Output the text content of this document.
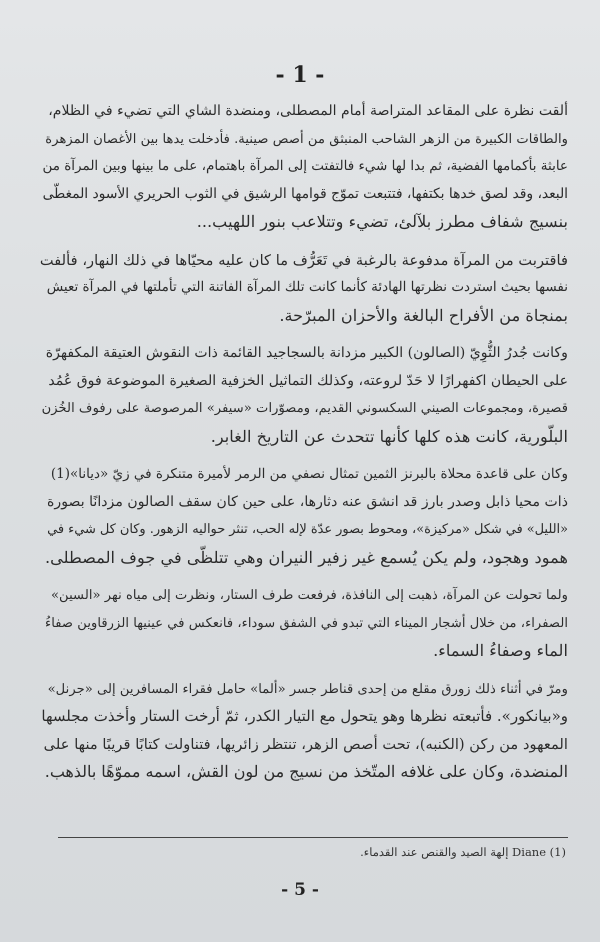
- 1 -

ألقت نظرة على المقاعد المتراصة أمام المصطلى، ومنضدة الشاي التي تضيء في الظلام،
والطاقات الكبيرة من الزهر الشاحب المنبثق من أصص صينية. فأدخلت يدها بين الأغصان المزهرة
عابثة بأكمامها الفضية، ثم بدا لها شيء فالتفتت إلى المرآة باهتمام، على ما بينها وبين المرآة من
البعد، وقد لصق خدها بكتفها، فتتبعت تموّج قوامها الرشيق في الثوب الحريري الأسود المغطّى
بنسيج شفاف مطرز بلآلئ، تضيء وتتلاعب بنور اللهيب...

فاقتربت من المرآة مدفوعة بالرغبة في تَعَرُّف ما كان عليه محيّاها في ذلك النهار، فألفت
نفسها بحيث استردت نظرتها الهادئة كأنما كانت تلك المرآة الفاتنة التي تأملتها في المرآة تعيش
بمنجاة من الأفراح البالغة والأحزان المبرّحة.

وكانت جُدرُ الثُّوِيّ (الصالون) الكبير مزدانة بالسجاجيد القائمة ذات النقوش العتيقة المكفهرّة
على الحيطان اكفهرارًا لا حَدّ لروعته، وكذلك التماثيل الخزفية الصغيرة الموضوعة فوق عُمُد
قصيرة، ومجموعات الصيني السكسوني القديم، ومصوّرات «سيفر» المرصوصة على رفوف الخُزن
البلّورية، كانت هذه كلها كأنها تتحدث عن التاريخ الغابر.

وكان على قاعدة محلاة بالبرنز الثمين تمثال نصفي من الرمر لأميرة متنكرة في زيّ «ديانا»(1)
ذات محيا ذابل وصدر بارز قد انشق عنه دثارها، على حين كان سقف الصالون مزدانًا بصورة
«الليل» في شكل «مركيزة»، ومحوط بصور عدّة لإله الحب، تنثر حواليه الزهور. وكان كل شيء في
همود وهجود، ولم يكن يُسمع غير زفير النيران وهي تتلظّى في جوف المصطلى.

ولما تحولت عن المرآة، ذهبت إلى النافذة، فرفعت طرف الستار، ونظرت إلى مياه نهر «السين»
الصفراء، من خلال أشجار الميناء التي تبدو في الشفق سوداء، فانعكس في عينيها الزرقاوين صفاءُ
الماء وصفاءُ السماء.

ومرّ في أثناء ذلك زورق مقلع من إحدى قناطر جسر «ألما» حامل فقراء المسافرين إلى «جرنل»
و«بيانكور». فأتبعته نظرها وهو يتحول مع التيار الكدر، ثمّ أرخت الستار وأخذت مجلسها
المعهود من ركن (الكنبه)، تحت أصص الزهر، تنتظر زائريها، فتناولت كتابًا قريبًا منها على
المنضدة، وكان على غلافه المتّخذ من نسيج من لون القش، اسمه مموّهًا بالذهب.

(1) Diane إلهة الصيد والقنص عند القدماء.
- 5 -
